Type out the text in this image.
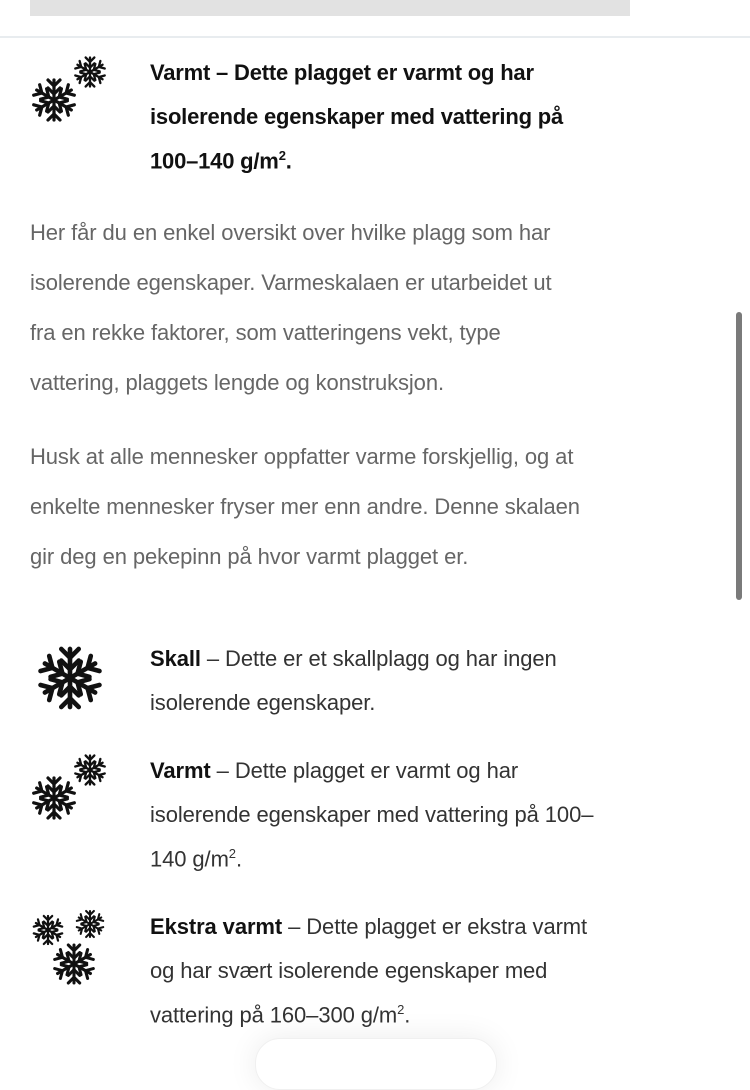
Varmt – Dette plagget er varmt og har
isolerende egenskaper med vattering på
100–140 $g/m^2$.
Her får du en enkel oversikt over hvilke plagg som har
isolerende egenskaper. Varmeskalaen er utarbeidet ut
fra en rekke faktorer, som vatteringens vekt, type
vattering, plaggets lengde og konstruksjon.
Husk at alle mennesker oppfatter varme forskjellig, og at
enkelte mennesker fryser mer enn andre. Denne skalaen
gir deg en pekepinn på hvor varmt plagget er.
Skall – Dette er et skallplagg og har ingen
isolerende egenskaper.
Varmt – Dette plagget er varmt og har
isolerende egenskaper med vattering på 100–
140 $g/m^2$.
Ekstra varmt – Dette plagget er ekstra varmt
og har svært isolerende egenskaper med
vattering på 160–300 $g/m^2$.
